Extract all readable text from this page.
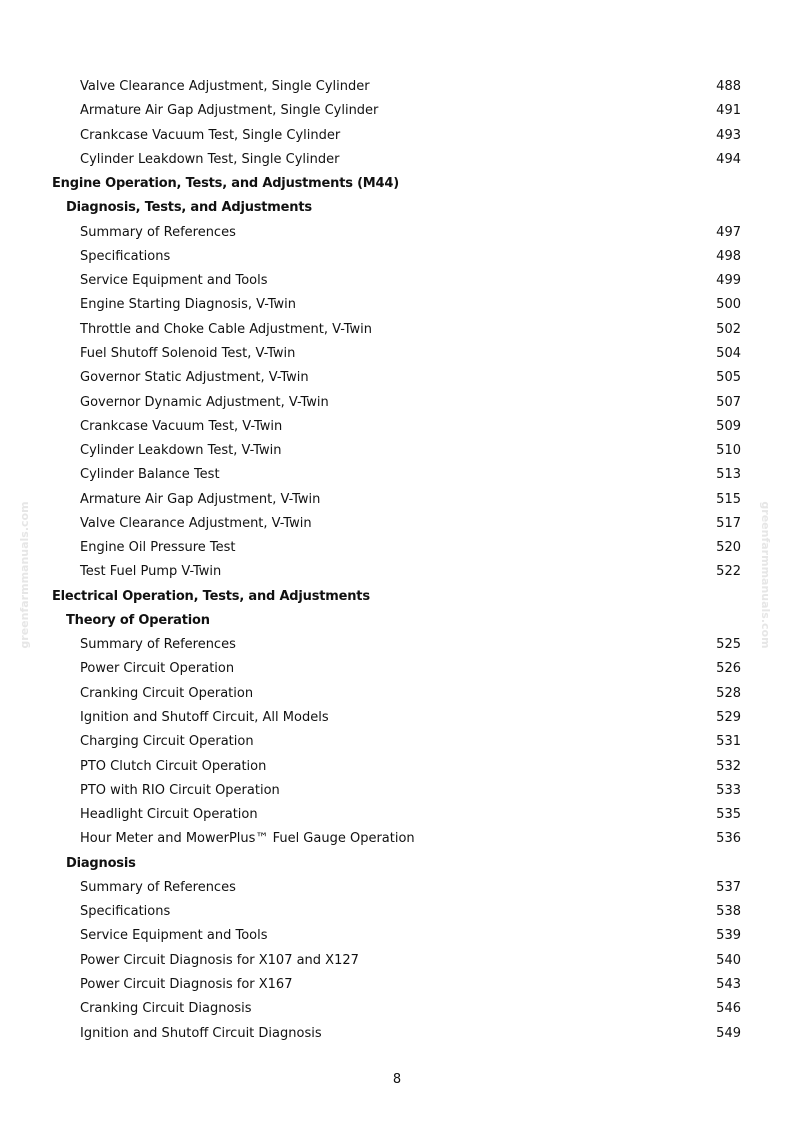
Valve Clearance Adjustment, Single Cylinder	488
Armature Air Gap Adjustment, Single Cylinder	491
Crankcase Vacuum Test, Single Cylinder	493
Cylinder Leakdown Test, Single Cylinder	494
Engine Operation, Tests, and Adjustments (M44)
Diagnosis, Tests, and Adjustments
Summary of References	497
Specifications	498
Service Equipment and Tools	499
Engine Starting Diagnosis, V-Twin	500
Throttle and Choke Cable Adjustment, V-Twin	502
Fuel Shutoff Solenoid Test, V-Twin	504
Governor Static Adjustment, V-Twin	505
Governor Dynamic Adjustment, V-Twin	507
Crankcase Vacuum Test, V-Twin	509
Cylinder Leakdown Test, V-Twin	510
Cylinder Balance Test	513
Armature Air Gap Adjustment, V-Twin	515
Valve Clearance Adjustment, V-Twin	517
Engine Oil Pressure Test	520
Test Fuel Pump V-Twin	522
Electrical Operation, Tests, and Adjustments
Theory of Operation
Summary of References	525
Power Circuit Operation	526
Cranking Circuit Operation	528
Ignition and Shutoff Circuit, All Models	529
Charging Circuit Operation	531
PTO Clutch Circuit Operation	532
PTO with RIO Circuit Operation	533
Headlight Circuit Operation	535
Hour Meter and MowerPlus™ Fuel Gauge Operation	536
Diagnosis
Summary of References	537
Specifications	538
Service Equipment and Tools	539
Power Circuit Diagnosis for X107 and X127	540
Power Circuit Diagnosis for X167	543
Cranking Circuit Diagnosis	546
Ignition and Shutoff Circuit Diagnosis	549
8
greenfarmmanuals.com	greenfarmmanuals.com
